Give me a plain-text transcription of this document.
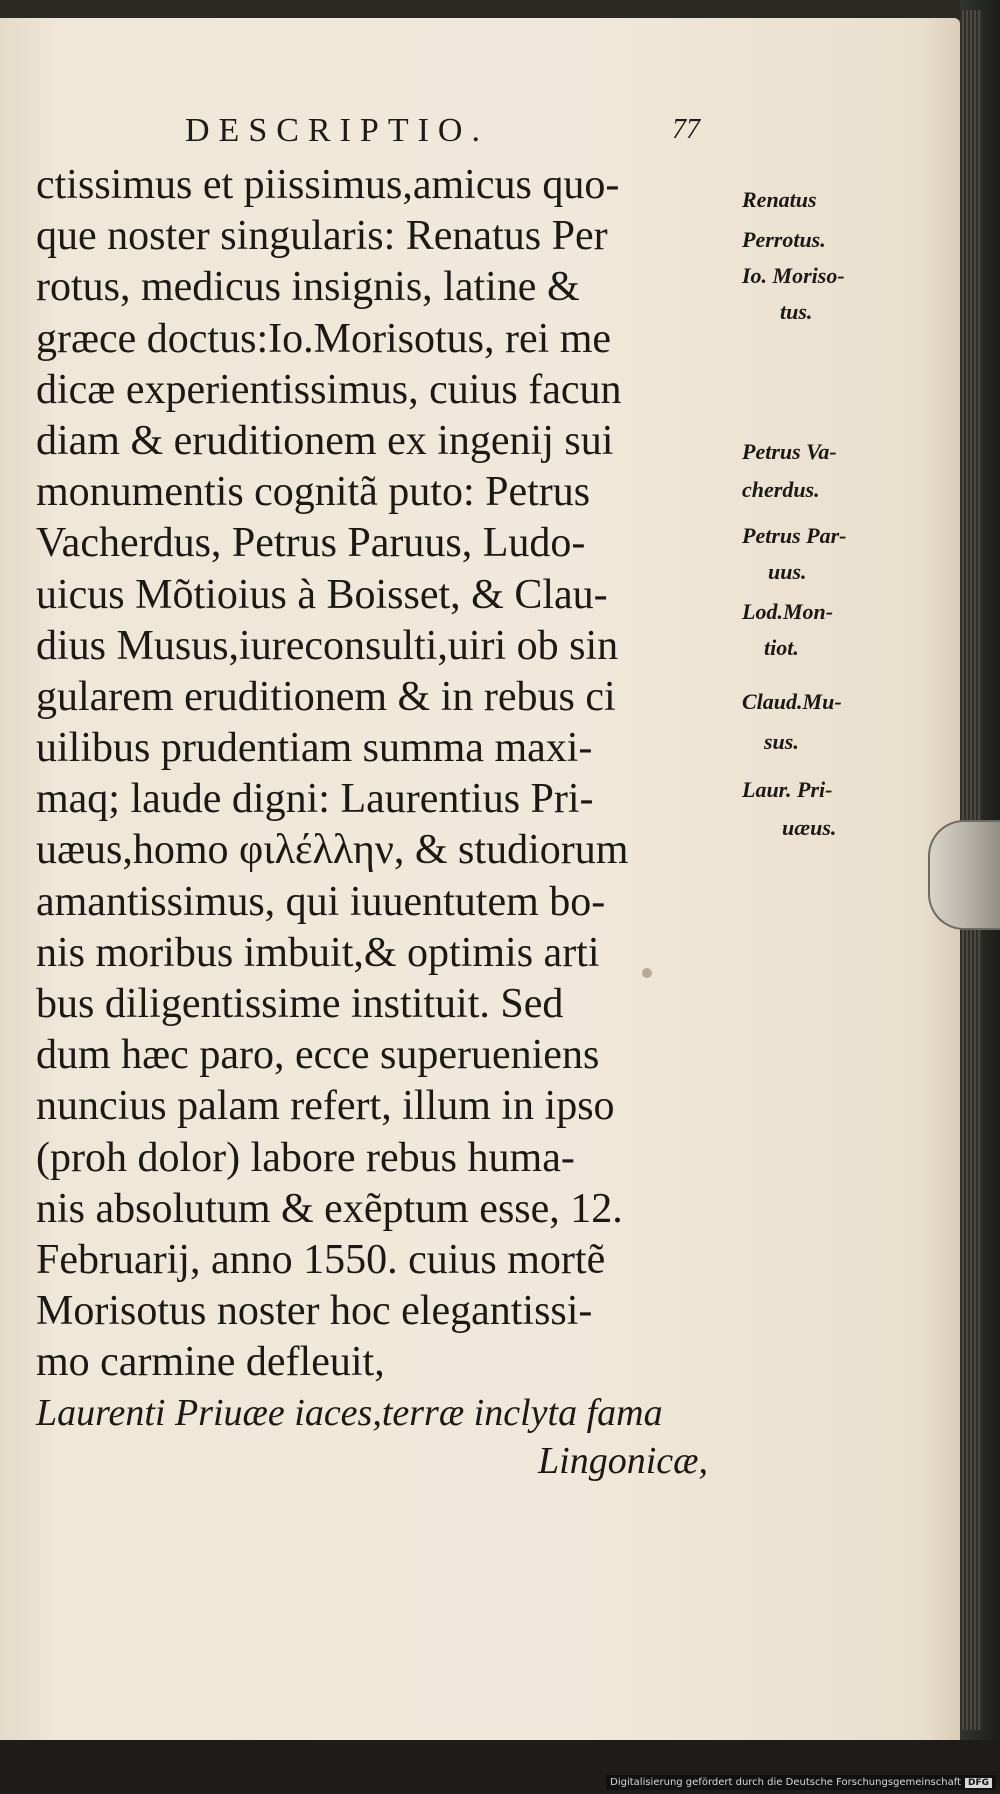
DESCRIPTIO.	77
ctissimus et piissimus,amicus quo-
que noster singularis: Renatus Per
rotus, medicus insignis, latine &
græce doctus:Io.Morisotus, rei me
dicæ experientissimus, cuius facun
diam & eruditionem ex ingenij sui
monumentis cognitã puto: Petrus
Vacherdus, Petrus Paruus, Ludo-
uicus Mõtioius à Boisset, & Clau-
dius Musus,iureconsulti,uiri ob sin
gularem eruditionem & in rebus ci
uilibus prudentiam summa maxi-
maq; laude digni: Laurentius Pri-
uæus,homo φιλέλλην, & studiorum
amantissimus, qui iuuentutem bo-
nis moribus imbuit,& optimis arti
bus diligentissime instituit. Sed
dum hæc paro, ecce superueniens
nuncius palam refert, illum in ipso
(proh dolor) labore rebus huma-
nis absolutum & exẽptum esse, 12.
Februarij, anno 1550. cuius mortẽ
Morisotus noster hoc elegantissi-
mo carmine defleuit,
Laurenti Priuæe iaces,terræ inclyta fama
Lingonicæ,
Renatus
Perrotus.
Io. Moriso-
tus.
Petrus Va-
cherdus.
Petrus Par-
uus.
Lod.Mon-
tiot.
Claud.Mu-
sus.
Laur. Pri-
uæus.
Digitalisierung gefördert durch die Deutsche Forschungsgemeinschaft DFG
